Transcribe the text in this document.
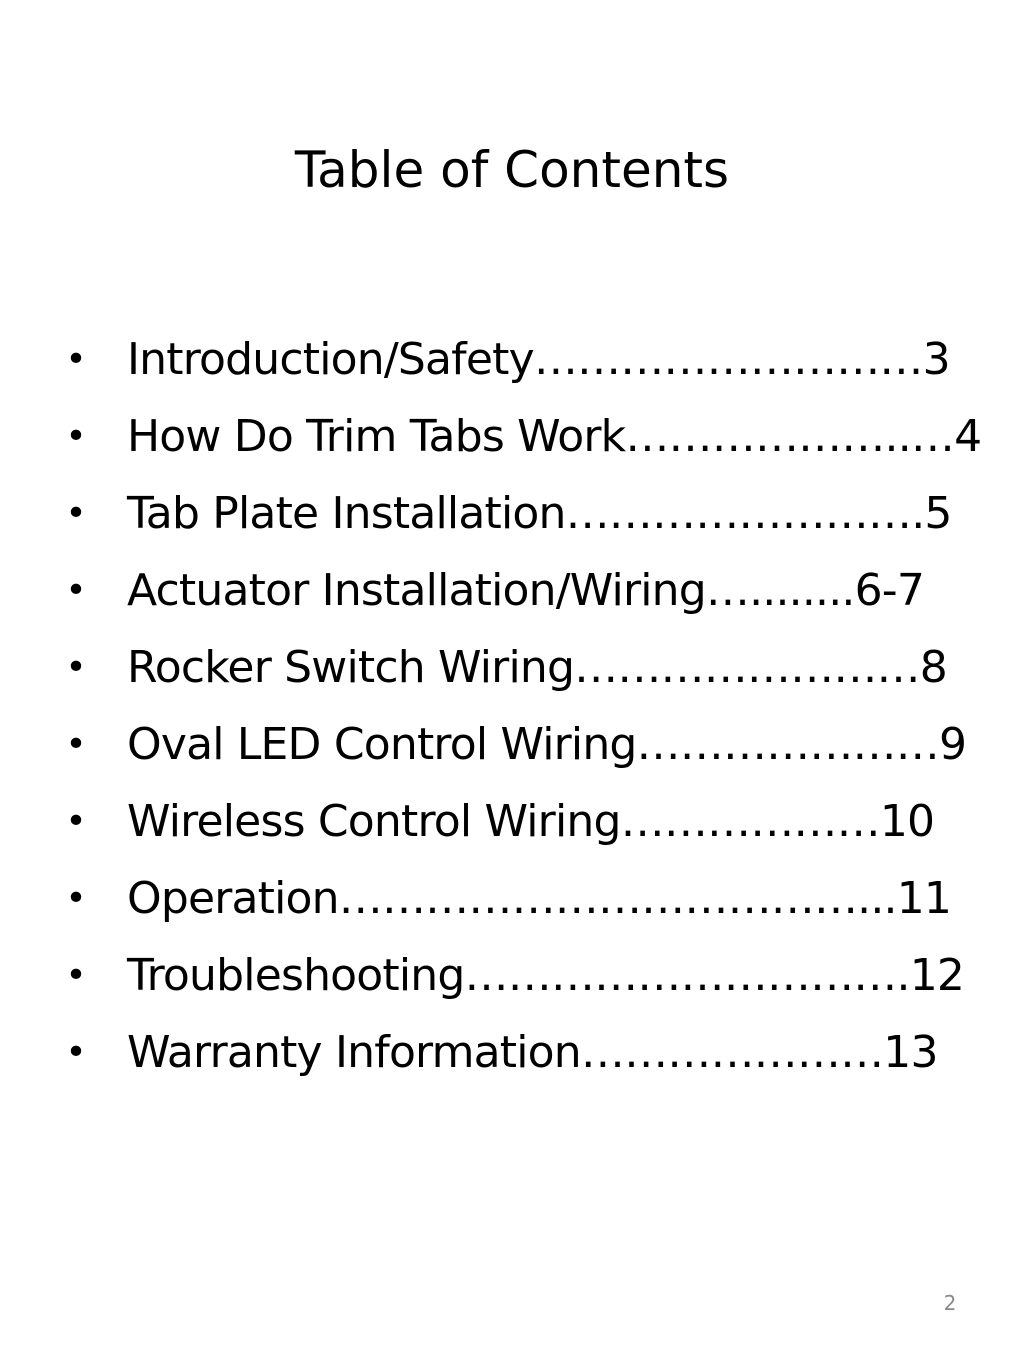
Table of Contents
• Introduction/Safety………………………3
• How Do Trim Tabs Work………………..…4
• Tab Plate Installation…………………….5
• Actuator Installation/Wiring…........6-7
• Rocker Switch Wiring……………………8
• Oval LED Control Wiring…………………9
• Wireless Control Wiring………………10
• Operation………………………………...11
• Troubleshooting………………………….12
• Warranty Information…………………13
2
